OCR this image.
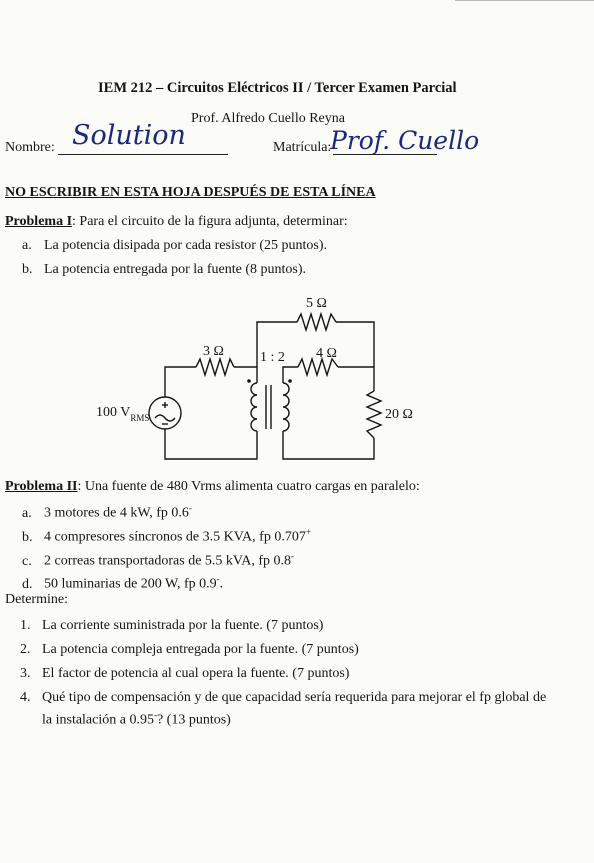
IEM 212 – Circuitos Eléctricos II / Tercer Examen Parcial
Prof. Alfredo Cuello Reyna
Nombre: Solution	Matrícula:
Prof. Cuello
NO ESCRIBIR EN ESTA HOJA DESPUÉS DE ESTA LÍNEA
Problema I: Para el circuito de la figura adjunta, determinar:
a. La potencia disipada por cada resistor (25 puntos).
b. La potencia entregada por la fuente (8 puntos).
5 Ω
3 Ω	1 : 2 4 Ω
20 Ω
100 $V_{RMS}$
Problema II: Una fuente de 480 Vrms alimenta cuatro cargas en paralelo:
a. 3 motores de 4 kW, fp 0.6-
b. 4 compresores síncronos de 3.5 KVA, fp 0.707+
c. 2 correas transportadoras de 5.5 kVA, fp 0.8-
d. 50 luminarias de 200 W, fp 0.9-.
Determine:
1. La corriente suministrada por la fuente. (7 puntos)
2. La potencia compleja entregada por la fuente. (7 puntos)
3. El factor de potencia al cual opera la fuente. (7 puntos)
4. Qué tipo de compensación y de que capacidad sería requerida para mejorar el fp global de
la instalación a 0.95-? (13 puntos)
